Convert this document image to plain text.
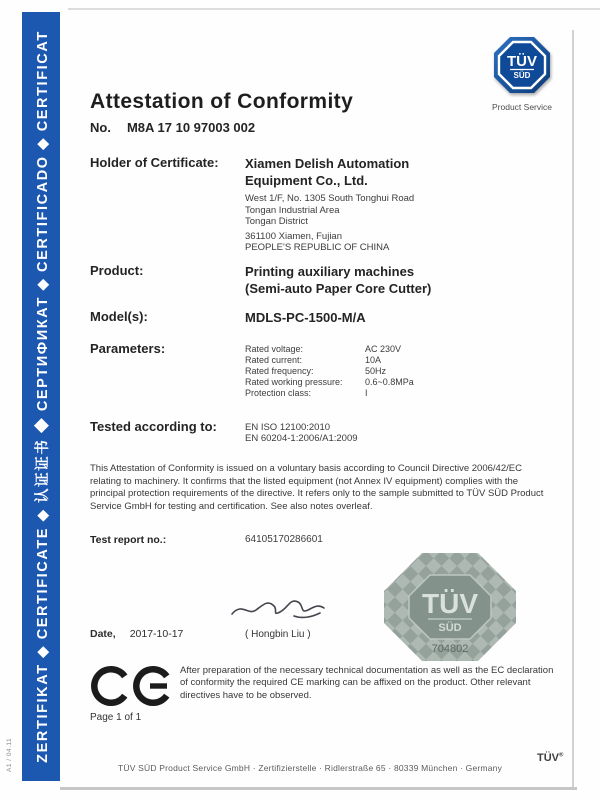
ZERTIFIKAT ◆ CERTIFICATE ◆ 认证证书 ◆ СЕРТИФИКАТ ◆ CERTIFICADO ◆ CERTIFICAT
A1 / 04.11
TÜV
SÜD
Product Service
Attestation of Conformity
No. M8A 17 10 97003 002
Holder of Certificate:	Xiamen Delish Automation
Equipment Co., Ltd.
West 1/F, No. 1305 South Tonghui Road
Tongan Industrial Area
Tongan District
361100 Xiamen, Fujian
PEOPLE'S REPUBLIC OF CHINA
Product:	Printing auxiliary machines
(Semi-auto Paper Core Cutter)
Model(s):	MDLS-PC-1500-M/A
Parameters:	Rated voltage:	AC 230V
Rated current:	10A
Rated frequency:	50Hz
Rated working pressure:	0.6~0.8MPa
Protection class:	I
Tested according to:	EN ISO 12100:2010
EN 60204-1:2006/A1:2009
This Attestation of Conformity is issued on a voluntary basis according to Council Directive 2006/42/EC relating to machinery. It confirms that the listed equipment (not Annex IV equipment) complies with the principal protection requirements of the directive. It refers only to the sample submitted to TÜV SÜD Product Service GmbH for testing and certification. See also notes overleaf.
Test report no.:	64105170286601
TÜV
SÜD
704802
Date, 2017-10-17	( Hongbin Liu )
After preparation of the necessary technical documentation as well as the EC declaration of conformity the required CE marking can be affixed on the product. Other relevant directives have to be observed.
Page 1 of 1
TÜV SÜD Product Service GmbH · Zertifizierstelle · Ridlerstraße 65 · 80339 München · Germany
TÜV®
